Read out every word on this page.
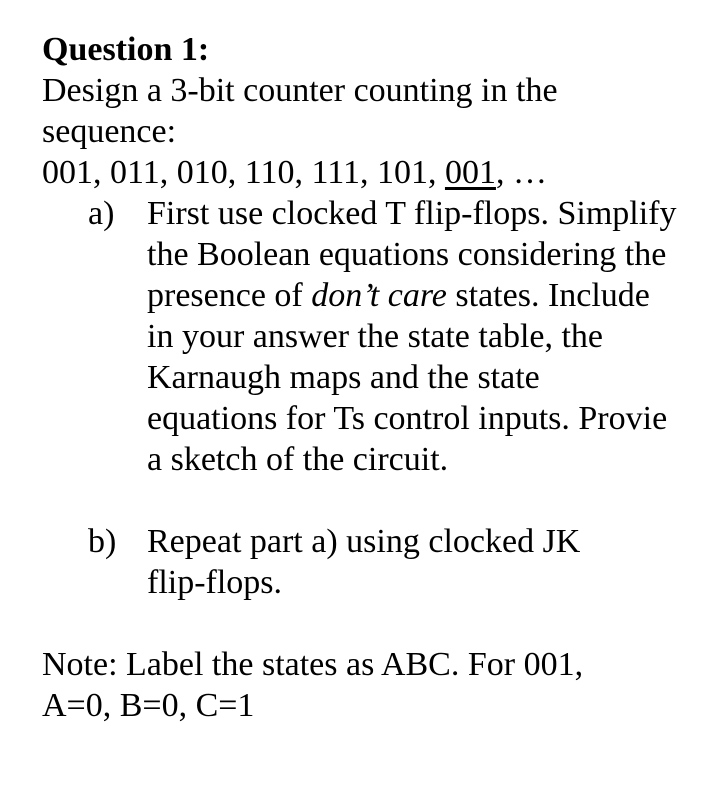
Question 1:

Design a 3-bit counter counting in the sequence:

001, 011, 010, 110, 111, 101, 001, …

a) First use clocked T flip-flops. Simplify the Boolean equations considering the presence of don’t care states. Include in your answer the state table, the Karnaugh maps and the state equations for Ts control inputs. Provie a sketch of the circuit.
b) Repeat part a) using clocked JK flip-flops.
Note: Label the states as ABC. For 001,
A=0, B=0, C=1
